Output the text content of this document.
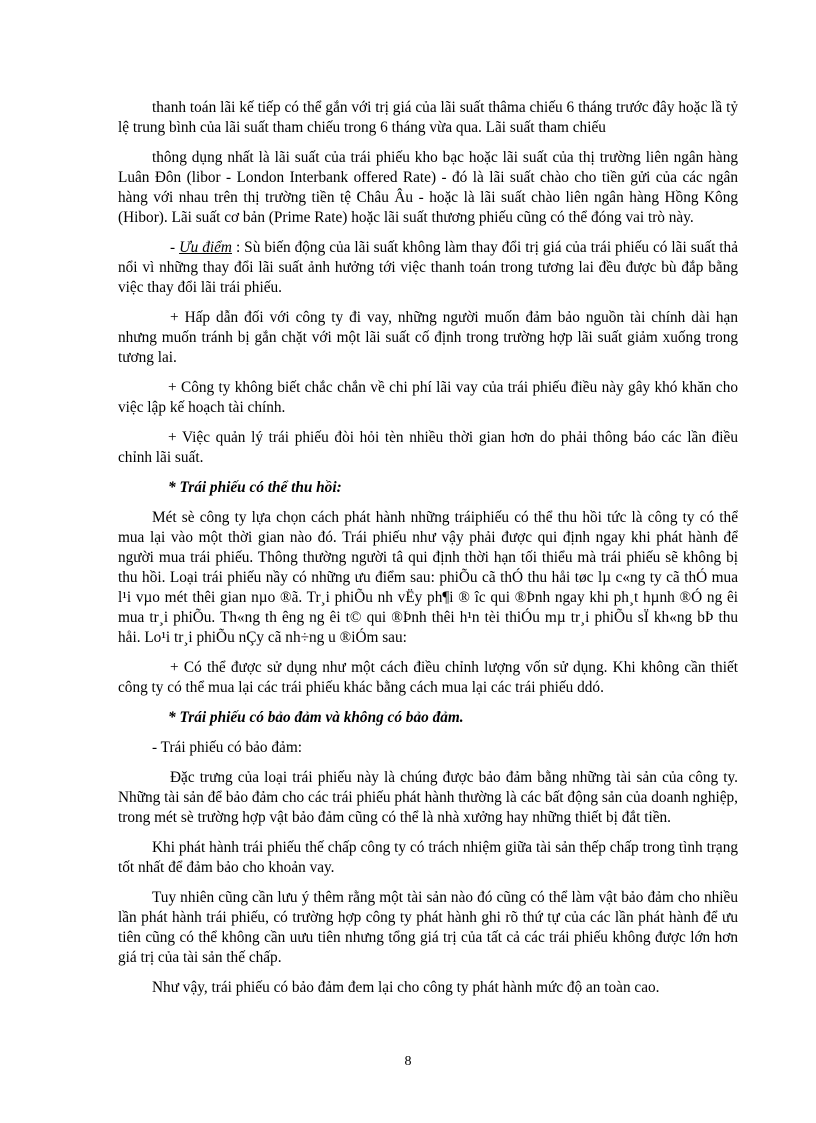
thanh toán lãi kế tiếp có thể gắn với trị giá của lãi suất thâma chiếu 6 tháng trước đây hoặc lầ tỷ lệ trung bình của lãi suất tham chiếu trong 6 tháng vừa qua. Lãi suất tham chiếu

thông dụng nhất là lãi suất của trái phiếu kho bạc hoặc lãi suất của thị trường liên ngân hàng Luân Đôn (libor - London Interbank offered Rate) - đó là lãi suất chào cho tiền gửi của các ngân hàng với nhau trên thị trường tiền tệ Châu Âu - hoặc là lãi suất chào liên ngân hàng Hồng Kông (Hibor). Lãi suất cơ bản (Prime Rate) hoặc lãi suất thương phiếu cũng có thể đóng vai trò này.

- Ưu điểm : Sù biến động của lãi suất không làm thay đổi trị giá của trái phiếu có lãi suất thả nổi vì những thay đổi lãi suất ảnh hưởng tới việc thanh toán trong tương lai đều được bù đắp bằng việc thay đổi lãi trái phiếu.

+ Hấp dẫn đối với công ty đi vay, những người muốn đảm bảo nguồn tài chính dài hạn nhưng muốn tránh bị gắn chặt với một lãi suất cố định trong trường hợp lãi suất giảm xuống trong tương lai.

+ Công ty không biết chắc chắn về chi phí lãi vay của trái phiếu điều này gây khó khăn cho việc lập kế hoạch tài chính.

+ Việc quản lý trái phiếu đòi hỏi tèn nhiều thời gian hơn do phải thông báo các lần điều chỉnh lãi suất.

* Trái phiếu có thể thu hồi:

Mét sè công ty lựa chọn cách phát hành những tráiphiếu có thể thu hồi tức là công ty có thể mua lại vào một thời gian nào đó. Trái phiếu như vậy phải được qui định ngay khi phát hành để người mua trái phiếu. Thông thường người tâ qui định thời hạn tối thiểu mà trái phiếu sẽ không bị thu hồi. Loại trái phiếu nầy có những ưu điểm sau: phiÕu cã thÓ thu håi tøc lµ c«ng ty cã thÓ mua l¹i vµo mét thêi gian nµo ®ã. Tr¸i phiÕu nh vËy ph¶i ® îc qui ®Þnh ngay khi ph¸t hµnh ®Ó ng êi mua tr¸i phiÕu. Th«ng th êng ng êi t© qui ®Þnh thêi h¹n tèi thiÓu mµ tr¸i phiÕu sÏ kh«ng bÞ thu håi. Lo¹i tr¸i phiÕu nÇy cã nh÷ng u ®iÓm sau:

+ Có thể được sử dụng như một cách điều chỉnh lượng vốn sử dụng. Khi không cần thiết công ty có thể mua lại các trái phiếu khác bằng cách mua lại các trái phiếu ddó.

* Trái phiếu có bảo đảm và không có bảo đảm.

- Trái phiếu có bảo đảm:

Đặc trưng của loại trái phiếu này là chúng được bảo đảm bằng những tài sản của công ty. Những tài sản để bảo đảm cho các trái phiếu phát hành thường là các bất động sản của doanh nghiệp, trong mét sè trường hợp vật bảo đảm cũng có thể là nhà xưởng hay những thiết bị đắt tiền.

Khi phát hành trái phiếu thế chấp công ty có trách nhiệm giữa tài sản thếp chấp trong tình trạng tốt nhất để đảm bảo cho khoản vay.

Tuy nhiên cũng cần lưu ý thêm rằng một tài sản nào đó cũng có thể làm vật bảo đảm cho nhiều lần phát hành trái phiếu, có trường hợp công ty phát hành ghi rõ thứ tự của các lần phát hành để ưu tiên cũng có thể không cần uưu tiên nhưng tổng giá trị của tất cả các trái phiếu không được lớn hơn giá trị của tài sản thế chấp.

Như vậy, trái phiếu có bảo đảm đem lại cho công ty phát hành mức độ an toàn cao.

8
